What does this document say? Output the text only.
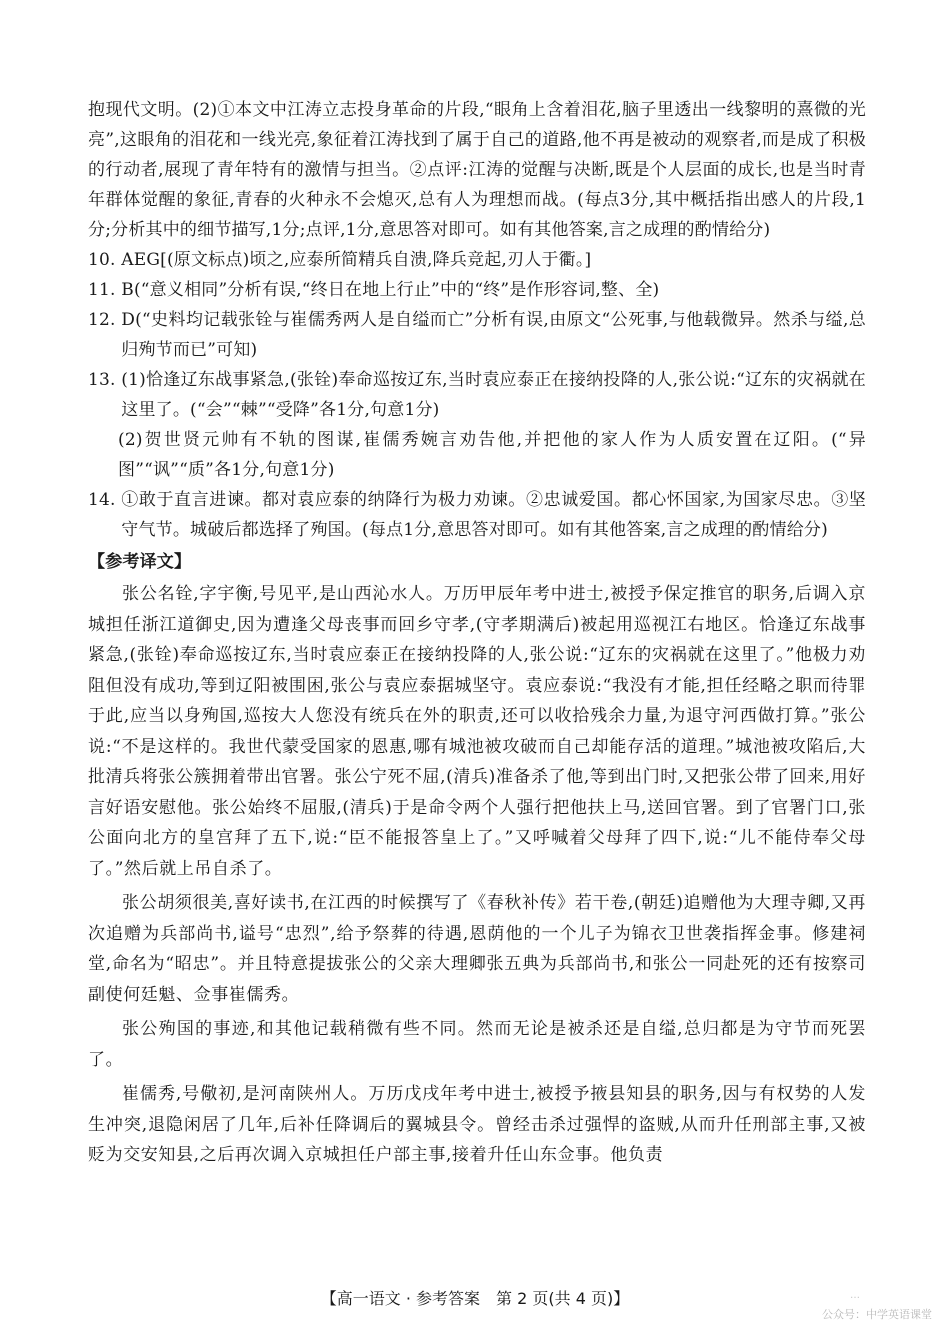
抱现代文明。(2)①本文中江涛立志投身革命的片段,“眼角上含着泪花,脑子里透出一线黎明的熹微的光亮”,这眼角的泪花和一线光亮,象征着江涛找到了属于自己的道路,他不再是被动的观察者,而是成了积极的行动者,展现了青年特有的激情与担当。②点评:江涛的觉醒与决断,既是个人层面的成长,也是当时青年群体觉醒的象征,青春的火种永不会熄灭,总有人为理想而战。(每点3分,其中概括指出感人的片段,1分;分析其中的细节描写,1分;点评,1分,意思答对即可。如有其他答案,言之成理的酌情给分)

10. AEG[(原文标点)顷之,应泰所简精兵自溃,降兵竞起,刃人于衢。]
11. B(“意义相同”分析有误,“终日在地上行止”中的“终”是作形容词,整、全)
12. D(“史料均记载张铨与崔儒秀两人是自缢而亡”分析有误,由原文“公死事,与他载微异。然杀与缢,总归殉节而已”可知)
13. (1)恰逢辽东战事紧急,(张铨)奉命巡按辽东,当时袁应泰正在接纳投降的人,张公说:“辽东的灾祸就在这里了。(“会”“棘”“受降”各1分,句意1分)

(2)贺世贤元帅有不轨的图谋,崔儒秀婉言劝告他,并把他的家人作为人质安置在辽阳。(“异图”“讽”“质”各1分,句意1分)

14. ①敢于直言进谏。都对袁应泰的纳降行为极力劝谏。②忠诚爱国。都心怀国家,为国家尽忠。③坚守气节。城破后都选择了殉国。(每点1分,意思答对即可。如有其他答案,言之成理的酌情给分)
【参考译文】

张公名铨,字宇衡,号见平,是山西沁水人。万历甲辰年考中进士,被授予保定推官的职务,后调入京城担任浙江道御史,因为遭逢父母丧事而回乡守孝,(守孝期满后)被起用巡视江右地区。恰逢辽东战事紧急,(张铨)奉命巡按辽东,当时袁应泰正在接纳投降的人,张公说:“辽东的灾祸就在这里了。”他极力劝阻但没有成功,等到辽阳被围困,张公与袁应泰据城坚守。袁应泰说:“我没有才能,担任经略之职而待罪于此,应当以身殉国,巡按大人您没有统兵在外的职责,还可以收拾残余力量,为退守河西做打算。”张公说:“不是这样的。我世代蒙受国家的恩惠,哪有城池被攻破而自己却能存活的道理。”城池被攻陷后,大批清兵将张公簇拥着带出官署。张公宁死不屈,(清兵)准备杀了他,等到出门时,又把张公带了回来,用好言好语安慰他。张公始终不屈服,(清兵)于是命令两个人强行把他扶上马,送回官署。到了官署门口,张公面向北方的皇宫拜了五下,说:“臣不能报答皇上了。”又呼喊着父母拜了四下,说:“儿不能侍奉父母了。”然后就上吊自杀了。

张公胡须很美,喜好读书,在江西的时候撰写了《春秋补传》若干卷,(朝廷)追赠他为大理寺卿,又再次追赠为兵部尚书,谥号“忠烈”,给予祭葬的待遇,恩荫他的一个儿子为锦衣卫世袭指挥金事。修建祠堂,命名为“昭忠”。并且特意提拔张公的父亲大理卿张五典为兵部尚书,和张公一同赴死的还有按察司副使何廷魁、佥事崔儒秀。

张公殉国的事迹,和其他记载稍微有些不同。然而无论是被杀还是自缢,总归都是为守节而死罢了。

崔儒秀,号儆初,是河南陕州人。万历戊戌年考中进士,被授予掖县知县的职务,因与有权势的人发生冲突,退隐闲居了几年,后补任降调后的翼城县令。曾经击杀过强悍的盗贼,从而升任刑部主事,又被贬为交安知县,之后再次调入京城担任户部主事,接着升任山东佥事。他负责

【高一语文 · 参考答案　第 2 页(共 4 页)】	…
公众号：中学英语课堂
